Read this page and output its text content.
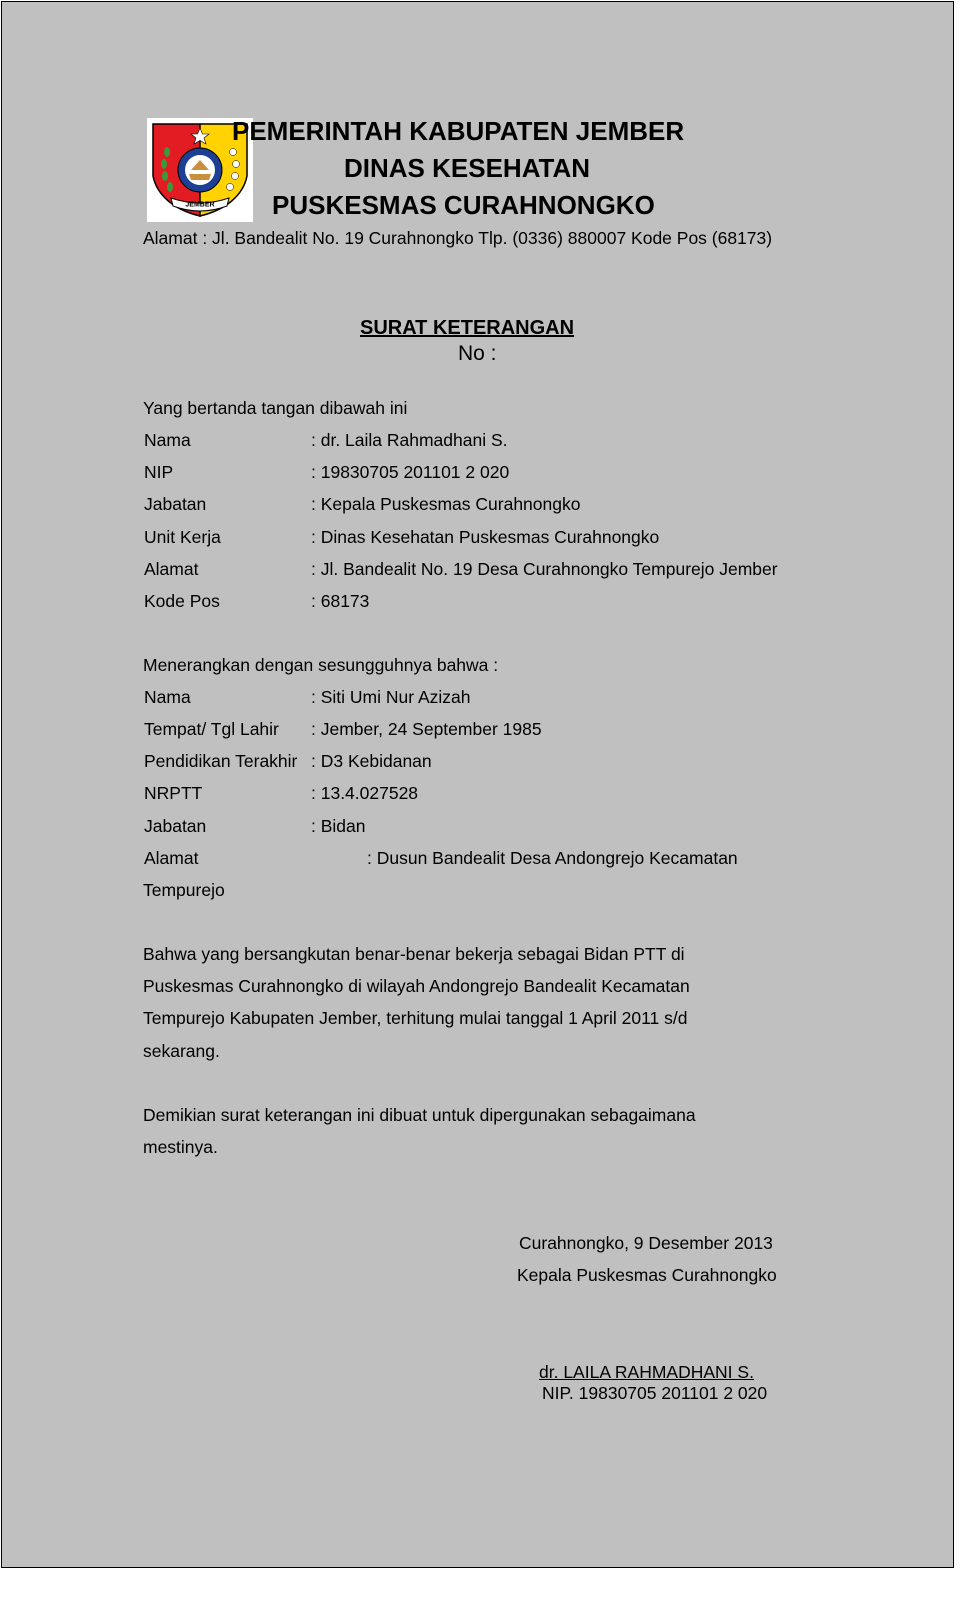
JEMBER
PEMERINTAH KABUPATEN JEMBER
DINAS KESEHATAN
PUSKESMAS CURAHNONGKO
Alamat : Jl. Bandealit No. 19 Curahnongko Tlp. (0336) 880007 Kode Pos (68173)
SURAT KETERANGAN
No :
Yang bertanda tangan dibawah ini
Nama	: dr. Laila Rahmadhani S.
NIP	: 19830705 201101 2 020
Jabatan	: Kepala Puskesmas Curahnongko
Unit Kerja	: Dinas Kesehatan Puskesmas Curahnongko
Alamat	: Jl. Bandealit No. 19 Desa Curahnongko Tempurejo Jember
Kode Pos	: 68173
Menerangkan dengan sesungguhnya bahwa :
Nama	: Siti Umi Nur Azizah
Tempat/ Tgl Lahir : Jember, 24 September 1985
Pendidikan Terakhir : D3 Kebidanan
NRPTT	: 13.4.027528
Jabatan	: Bidan
Alamat	: Dusun Bandealit Desa Andongrejo Kecamatan
Tempurejo
Bahwa yang bersangkutan benar-benar bekerja sebagai Bidan PTT di
Puskesmas Curahnongko di wilayah Andongrejo Bandealit Kecamatan
Tempurejo Kabupaten Jember, terhitung mulai tanggal 1 April 2011 s/d
sekarang.
Demikian surat keterangan ini dibuat untuk dipergunakan sebagaimana
mestinya.
Curahnongko, 9 Desember 2013
Kepala Puskesmas Curahnongko
dr. LAILA RAHMADHANI S.
NIP. 19830705 201101 2 020
